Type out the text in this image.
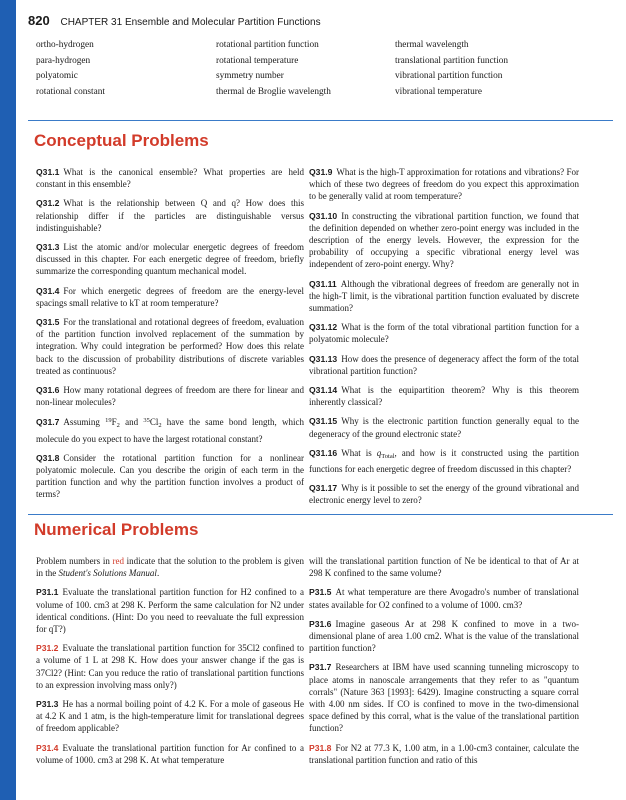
820 CHAPTER 31 Ensemble and Molecular Partition Functions
ortho-hydrogen
para-hydrogen
polyatomic
rotational constant
rotational partition function
rotational temperature
symmetry number
thermal de Broglie wavelength
thermal wavelength
translational partition function
vibrational partition function
vibrational temperature
Conceptual Problems

Q31.1 What is the canonical ensemble? What properties are held constant in this ensemble?

Q31.2 What is the relationship between Q and q? How does this relationship differ if the particles are distinguishable versus indistinguishable?

Q31.3 List the atomic and/or molecular energetic degrees of freedom discussed in this chapter. For each energetic degree of freedom, briefly summarize the corresponding quantum mechanical model.

Q31.4 For which energetic degrees of freedom are the energy-level spacings small relative to kT at room temperature?

Q31.5 For the translational and rotational degrees of freedom, evaluation of the partition function involved replacement of the summation by integration. Why could integration be performed? How does this relate back to the discussion of probability distributions of discrete variables treated as continuous?

Q31.6 How many rotational degrees of freedom are there for linear and non-linear molecules?

Q31.7 Assuming $^{19}F_2$ and $^{35}Cl_2$ have the same bond length, which molecule do you expect to have the largest rotational constant?

Q31.8 Consider the rotational partition function for a nonlinear polyatomic molecule. Can you describe the origin of each term in the partition function and why the partition function involves a product of terms?

Q31.9 What is the high-T approximation for rotations and vibrations? For which of these two degrees of freedom do you expect this approximation to be generally valid at room temperature?

Q31.10 In constructing the vibrational partition function, we found that the definition depended on whether zero-point energy was included in the description of the energy levels. However, the expression for the probability of occupying a specific vibrational energy level was independent of zero-point energy. Why?

Q31.11 Although the vibrational degrees of freedom are generally not in the high-T limit, is the vibrational partition function evaluated by discrete summation?

Q31.12 What is the form of the total vibrational partition function for a polyatomic molecule?

Q31.13 How does the presence of degeneracy affect the form of the total vibrational partition function?

Q31.14 What is the equipartition theorem? Why is this theorem inherently classical?

Q31.15 Why is the electronic partition function generally equal to the degeneracy of the ground electronic state?

Q31.16 What is $q_{Total}$, and how is it constructed using the partition functions for each energetic degree of freedom discussed in this chapter?

Q31.17 Why is it possible to set the energy of the ground vibrational and electronic energy level to zero?

Numerical Problems

Problem numbers in red indicate that the solution to the problem is given in the Student's Solutions Manual.

P31.1 Evaluate the translational partition function for H2 confined to a volume of 100. cm3 at 298 K. Perform the same calculation for N2 under identical conditions. (Hint: Do you need to reevaluate the full expression for qT?)

P31.2 Evaluate the translational partition function for 35Cl2 confined to a volume of 1 L at 298 K. How does your answer change if the gas is 37Cl2? (Hint: Can you reduce the ratio of translational partition functions to an expression involving mass only?)

P31.3 He has a normal boiling point of 4.2 K. For a mole of gaseous He at 4.2 K and 1 atm, is the high-temperature limit for translational degrees of freedom applicable?

P31.4 Evaluate the translational partition function for Ar confined to a volume of 1000. cm3 at 298 K. At what temperature

will the translational partition function of Ne be identical to that of Ar at 298 K confined to the same volume?

P31.5 At what temperature are there Avogadro's number of translational states available for O2 confined to a volume of 1000. cm3?

P31.6 Imagine gaseous Ar at 298 K confined to move in a two-dimensional plane of area 1.00 cm2. What is the value of the translational partition function?

P31.7 Researchers at IBM have used scanning tunneling microscopy to place atoms in nanoscale arrangements that they refer to as "quantum corrals" (Nature 363 [1993]: 6429). Imagine constructing a square corral with 4.00 nm sides. If CO is confined to move in the two-dimensional space defined by this corral, what is the value of the translational partition function?

P31.8 For N2 at 77.3 K, 1.00 atm, in a 1.00-cm3 container, calculate the translational partition function and ratio of this
